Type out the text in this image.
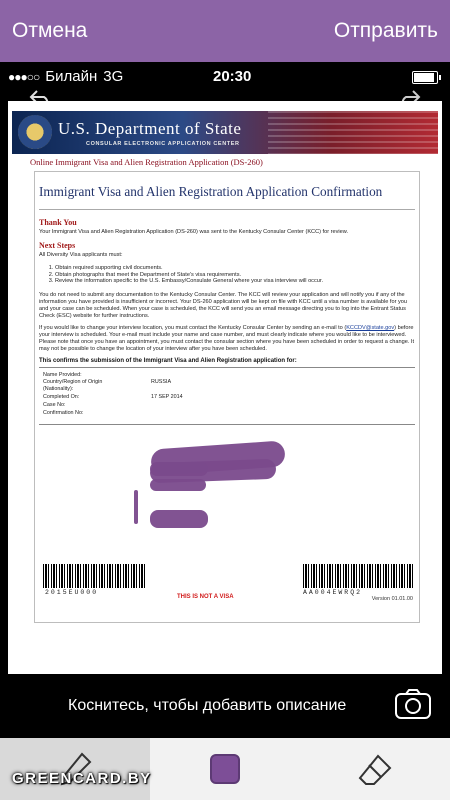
Отмена	Отправить
●●●○○ Билайн 3G	20:30
U.S. Department of State
CONSULAR ELECTRONIC APPLICATION CENTER
Online Immigrant Visa and Alien Registration Application (DS-260)
Immigrant Visa and Alien Registration Application Confirmation
Thank You
Your Immigrant Visa and Alien Registration Application (DS-260) was sent to the Kentucky Consular Center (KCC) for review.
Next Steps
All Diversity Visa applicants must:
1. Obtain required supporting civil documents.
2. Obtain photographs that meet the Department of State's visa requirements.
3. Review the information specific to the U.S. Embassy/Consulate General where your visa interview will occur.
You do not need to submit any documentation to the Kentucky Consular Center. The KCC will review your application and will notify you if any of the information you have provided is insufficient or incorrect. Your DS-260 application will be kept on file with KCC until a visa number is available for you and your case can be scheduled. When your case is scheduled, the KCC will send you an email message directing you to log into the Entrant Status Check (ESC) website for further instructions.
If you would like to change your interview location, you must contact the Kentucky Consular Center by sending an e-mail to (KCCDV@state.gov) before your interview is scheduled. Your e-mail must include your name and case number, and must clearly indicate where you would like to be interviewed. Please note that once you have an appointment, you must contact the consular section where you have been scheduled in order to request a change. It may not be possible to change the location of your interview after you have been scheduled.
This confirms the submission of the Immigrant Visa and Alien Registration application for:
Name Provided:
Country/Region of Origin	RUSSIA
(Nationality):
Completed On:	17 SEP 2014
Case No:
Confirmation No:
2015EU000	AA004EWRQ2
THIS IS NOT A VISA	Version 01.01.00
Коснитесь, чтобы добавить описание
GREENCARD.BY
